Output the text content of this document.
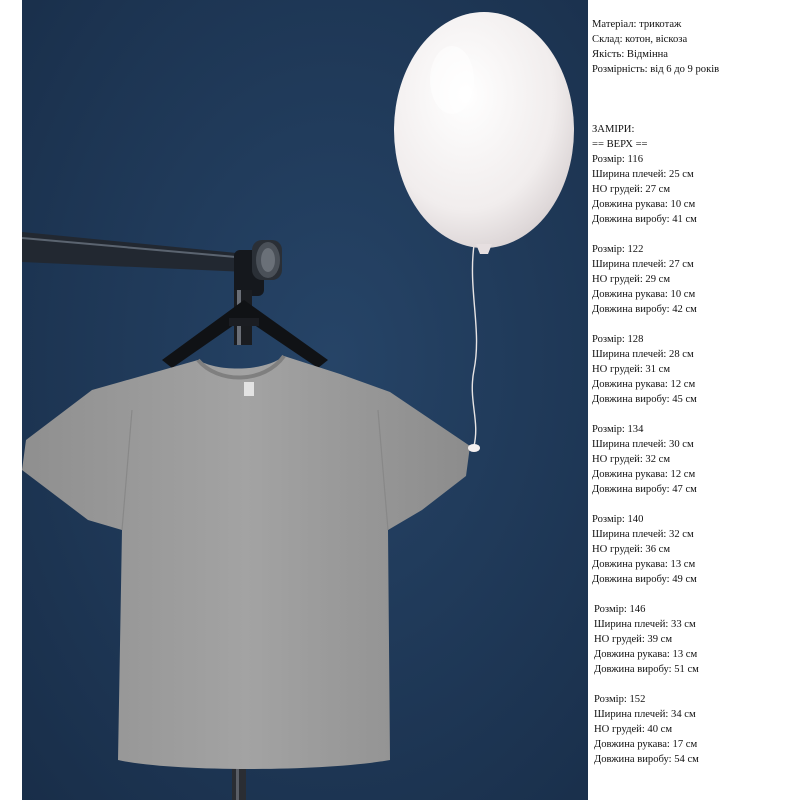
Матеріал: трикотаж
Склад: котон, віскоза
Якість: Відмінна
Розмірність: від 6 до 9 років
ЗАМІРИ:
== ВЕРХ ==
Розмір: 116
Ширина плечей: 25 см
НО грудей: 27 см
Довжина рукава: 10 см
Довжина виробу: 41 см
Розмір: 122
Ширина плечей: 27 см
НО грудей: 29 см
Довжина рукава: 10 см
Довжина виробу: 42 см
Розмір: 128
Ширина плечей: 28 см
НО грудей: 31 см
Довжина рукава: 12 см
Довжина виробу: 45 см
Розмір: 134
Ширина плечей: 30 см
НО грудей: 32 см
Довжина рукава: 12 см
Довжина виробу: 47 см
Розмір: 140
Ширина плечей: 32 см
НО грудей: 36 см
Довжина рукава: 13 см
Довжина виробу: 49 см
Розмір: 146
Ширина плечей: 33 см
НО грудей: 39 см
Довжина рукава: 13 см
Довжина виробу: 51 см
Розмір: 152
Ширина плечей: 34 см
НО грудей: 40 см
Довжина рукава: 17 см
Довжина виробу: 54 см
